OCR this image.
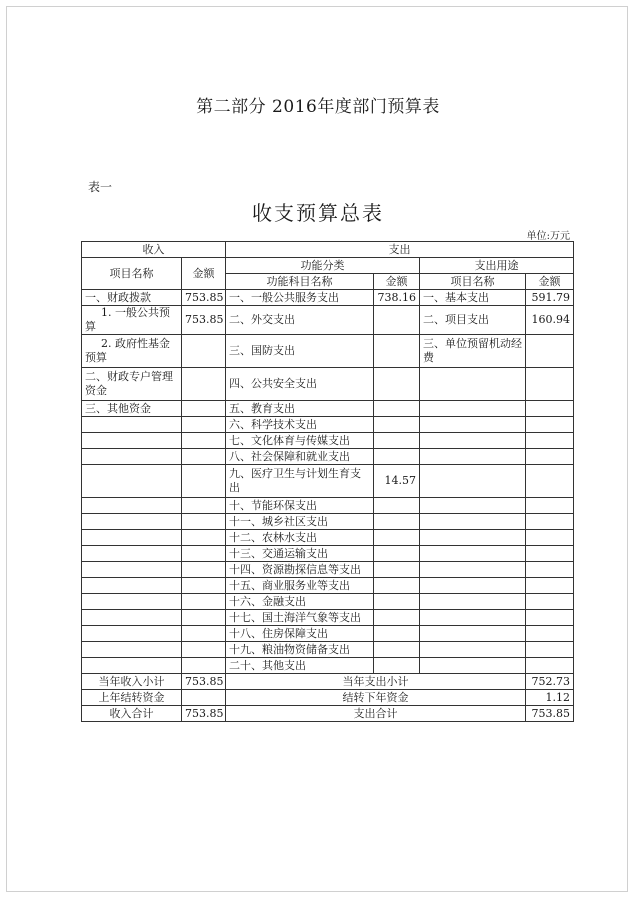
第二部分 2016年度部门预算表
表一
收支预算总表
单位:万元
收入		支出			
项目名称	金额	功能分类		支出用途	
		功能科目名称	金额	项目名称	金额
一、财政拨款	753.85	一、一般公共服务支出	738.16	一、基本支出	591.79
1. 一般公共预算	753.85	二、外交支出		二、项目支出	160.94
2. 政府性基金预算		三、国防支出		三、单位预留机动经费	
二、财政专户管理资金		四、公共安全支出			
三、其他资金		五、教育支出			
		六、科学技术支出			
		七、文化体育与传媒支出			
		八、社会保障和就业支出			
		九、医疗卫生与计划生育支出	14.57		
		十、节能环保支出			
		十一、城乡社区支出			
		十二、农林水支出			
		十三、交通运输支出			
		十四、资源勘探信息等支出			
		十五、商业服务业等支出			
		十六、金融支出			
		十七、国土海洋气象等支出			
		十八、住房保障支出			
		十九、粮油物资储备支出			
		二十、其他支出			
当年收入小计	753.85	当年支出小计			752.73
上年结转资金		结转下年资金			1.12
收入合计	753.85	支出合计			753.85
